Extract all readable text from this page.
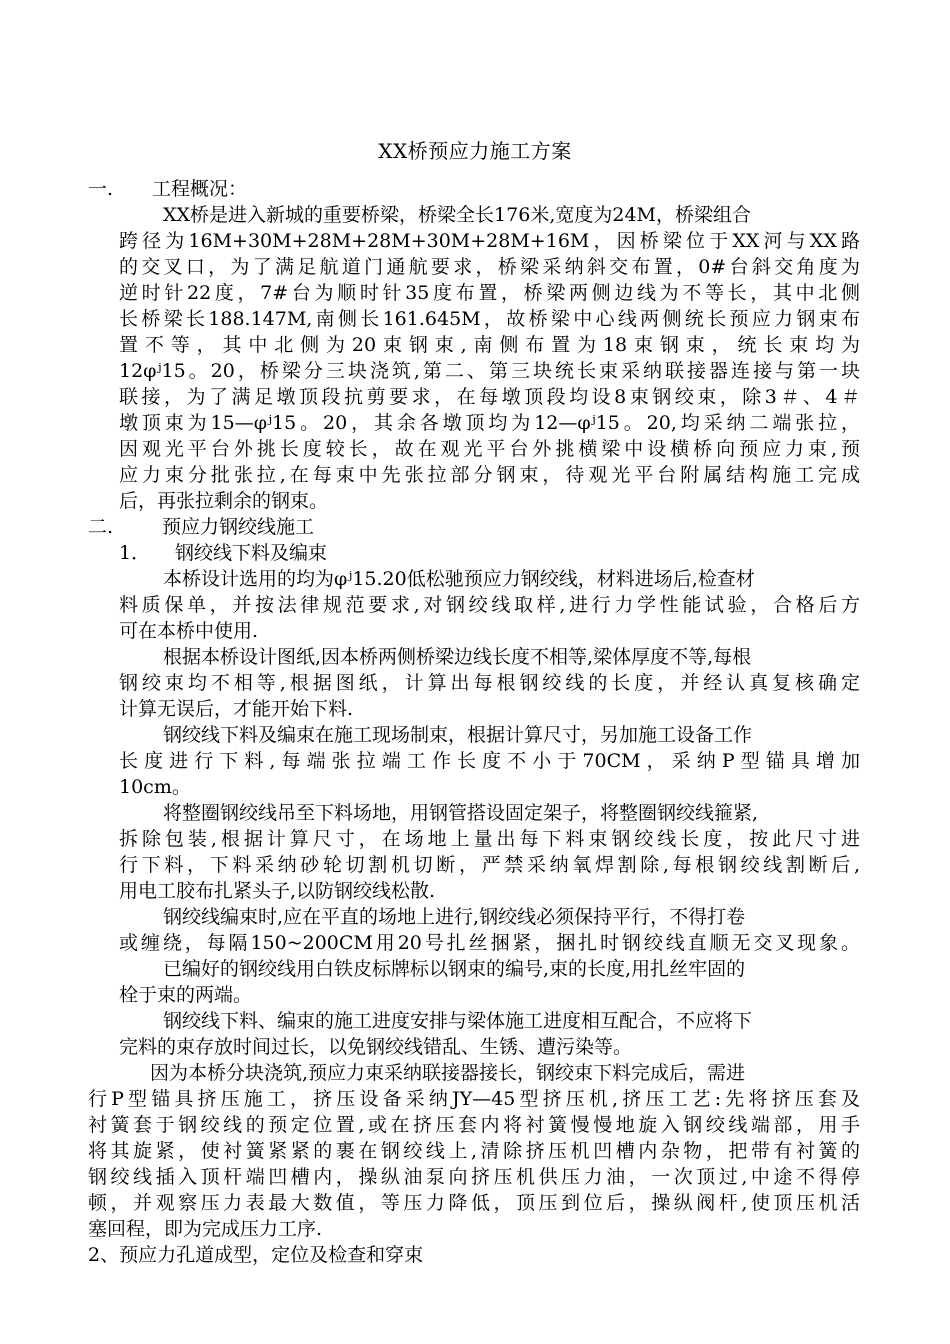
XX桥预应力施工方案
一. 工程概况：
XX桥是进入新城的重要桥梁，桥梁全长176米,宽度为24M，桥梁组合
跨径为16M+30M+28M+28M+30M+28M+16M，因桥梁位于XX河与XX路
的交叉口，为了满足航道门通航要求，桥梁采纳斜交布置，0#台斜交角度为
逆时针22度，7#台为顺时针35度布置，桥梁两侧边线为不等长，其中北侧
长桥梁长188.147M,南侧长161.645M，故桥梁中心线两侧统长预应力钢束布
置不等，其中北侧为20束钢束,南侧布置为18束钢束，统长束均为
12φʲ15。20，桥梁分三块浇筑,第二、第三块统长束采纳联接器连接与第一块
联接，为了满足墩顶段抗剪要求，在每墩顶段均设8束钢绞束，除3＃、4＃
墩顶束为15—φʲ15。20，其余各墩顶均为12—φʲ15。20,均采纳二端张拉，
因观光平台外挑长度较长，故在观光平台外挑横梁中设横桥向预应力束,预
应力束分批张拉,在每束中先张拉部分钢束，待观光平台附属结构施工完成
后，再张拉剩余的钢束。
二.	预应力钢绞线施工
1． 钢绞线下料及编束
本桥设计选用的均为φʲ15.20低松驰预应力钢绞线，材料进场后,检查材
料质保单，并按法律规范要求,对钢绞线取样,进行力学性能试验，合格后方
可在本桥中使用.
根据本桥设计图纸,因本桥两侧桥梁边线长度不相等,梁体厚度不等,每根
钢绞束均不相等,根据图纸，计算出每根钢绞线的长度，并经认真复核确定
计算无误后，才能开始下料.
钢绞线下料及编束在施工现场制束，根据计算尺寸，另加施工设备工作
长度进行下料,每端张拉端工作长度不小于70CM，采纳P型锚具增加
10cm。
将整圈钢绞线吊至下料场地，用钢管搭设固定架子，将整圈钢绞线箍紧,
拆除包装,根据计算尺寸，在场地上量出每下料束钢绞线长度，按此尺寸进
行下料，下料采纳砂轮切割机切断，严禁采纳氧焊割除,每根钢绞线割断后,
用电工胶布扎紧头子,以防钢绞线松散.
钢绞线编束时,应在平直的场地上进行,钢绞线必须保持平行，不得打卷
或缠绕，每隔150~200CM用20号扎丝捆紧，捆扎时钢绞线直顺无交叉现象。
已编好的钢绞线用白铁皮标牌标以钢束的编号,束的长度,用扎丝牢固的
栓于束的两端。
钢绞线下料、编束的施工进度安排与梁体施工进度相互配合，不应将下
完料的束存放时间过长，以免钢绞线错乱、生锈、遭污染等。
因为本桥分块浇筑,预应力束采纳联接器接长，钢绞束下料完成后，需进
行P型锚具挤压施工，挤压设备采纳JY—45型挤压机,挤压工艺:先将挤压套及
衬簧套于钢绞线的预定位置,或在挤压套内将衬簧慢慢地旋入钢绞线端部，用手
将其旋紧，使衬簧紧紧的裹在钢绞线上,清除挤压机凹槽内杂物，把带有衬簧的
钢绞线插入顶杆端凹槽内，操纵油泵向挤压机供压力油，一次顶过,中途不得停
顿，并观察压力表最大数值，等压力降低，顶压到位后，操纵阀杆,使顶压机活
塞回程，即为完成压力工序.
2、预应力孔道成型，定位及检查和穿束
